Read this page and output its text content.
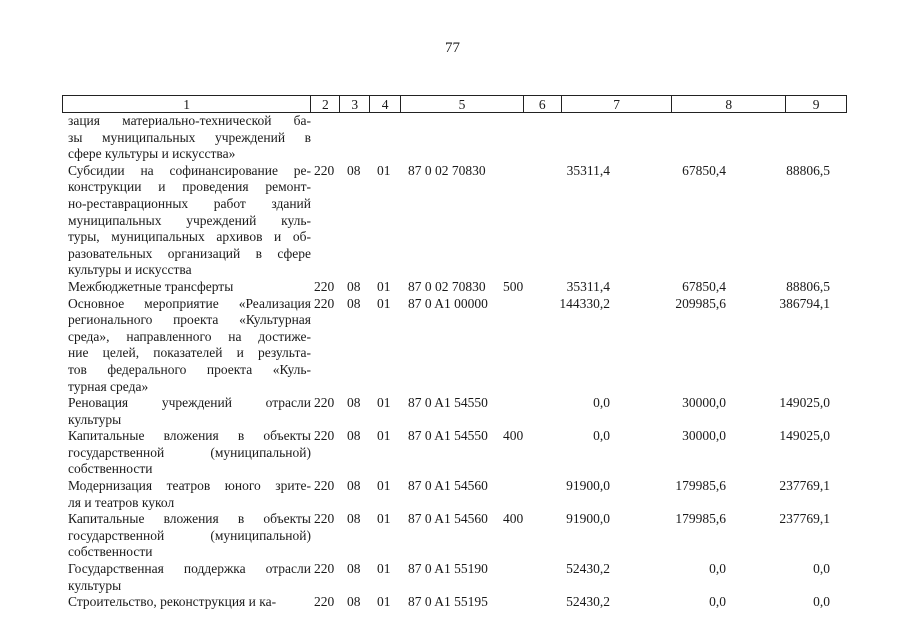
77
1	2	3	4	5	6	7	8	9
зация материально-технической ба-
зы муниципальных учреждений в
сфере культуры и искусства»
Субсидии на софинансирование ре-
конструкции и проведения ремонт-
но-реставрационных работ зданий
муниципальных учреждений куль-
туры, муниципальных архивов и об-
разовательных организаций в сфере
культуры и искусства
220 08 01 87 0 02 70830	35311,4	67850,4	88806,5
Межбюджетные трансферты	220 08 01 87 0 02 70830 500	35311,4	67850,4	88806,5
Основное мероприятие «Реализация
регионального проекта «Культурная
среда», направленного на достиже-
ние целей, показателей и результа-
тов федерального проекта «Куль-
турная среда»
220 08 01 87 0 A1 00000	144330,2	209985,6	386794,1
Реновация учреждений отрасли
культуры
220 08 01 87 0 A1 54550	0,0	30000,0	149025,0
Капитальные вложения в объекты
государственной (муниципальной)
собственности
220 08 01 87 0 A1 54550 400	0,0	30000,0	149025,0
Модернизация театров юного зрите-
ля и театров кукол
220 08 01 87 0 A1 54560	91900,0	179985,6	237769,1
Капитальные вложения в объекты
государственной (муниципальной)
собственности
220 08 01 87 0 A1 54560 400	91900,0	179985,6	237769,1
Государственная поддержка отрасли
культуры
220 08 01 87 0 A1 55190	52430,2	0,0	0,0
Строительство, реконструкция и ка-	220 08 01 87 0 A1 55195	52430,2	0,0	0,0
